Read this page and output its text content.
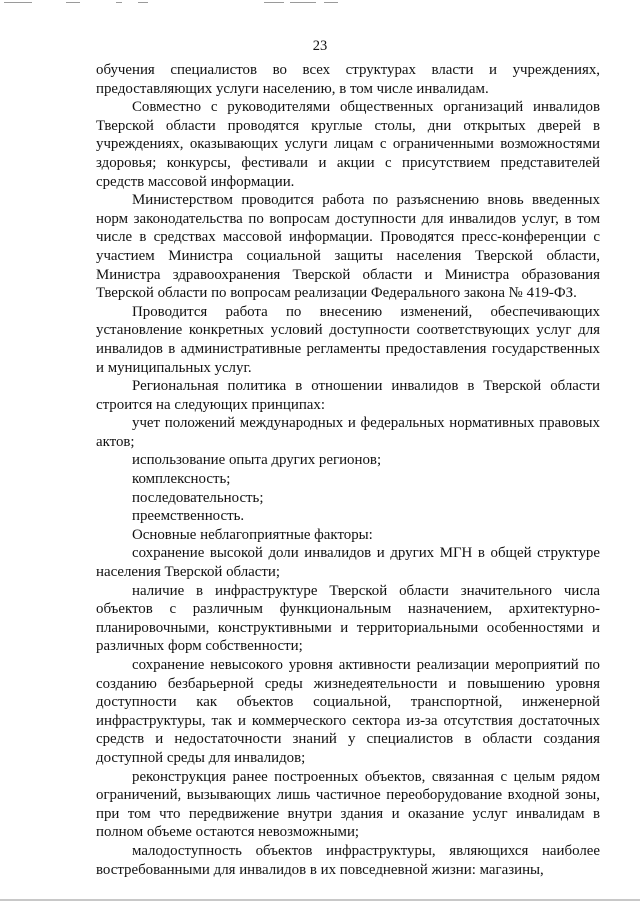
23

обучения специалистов во всех структурах власти и учреждениях, предоставляющих услуги населению, в том числе инвалидам.

Совместно с руководителями общественных организаций инвалидов Тверской области проводятся круглые столы, дни открытых дверей в учреждениях, оказывающих услуги лицам с ограниченными возможностями здоровья; конкурсы, фестивали и акции с присутствием представителей средств массовой информации.

Министерством проводится работа по разъяснению вновь введенных норм законодательства по вопросам доступности для инвалидов услуг, в том числе в средствах массовой информации. Проводятся пресс-конференции с участием Министра социальной защиты населения Тверской области, Министра здравоохранения Тверской области и Министра образования Тверской области по вопросам реализации Федерального закона № 419-ФЗ.

Проводится работа по внесению изменений, обеспечивающих установление конкретных условий доступности соответствующих услуг для инвалидов в административные регламенты предоставления государственных и муниципальных услуг.

Региональная политика в отношении инвалидов в Тверской области строится на следующих принципах:

учет положений международных и федеральных нормативных правовых актов;

использование опыта других регионов;

комплексность;

последовательность;

преемственность.

Основные неблагоприятные факторы:

сохранение высокой доли инвалидов и других МГН в общей структуре населения Тверской области;

наличие в инфраструктуре Тверской области значительного числа объектов с различным функциональным назначением, архитектурно-планировочными, конструктивными и территориальными особенностями и различных форм собственности;

сохранение невысокого уровня активности реализации мероприятий по созданию безбарьерной среды жизнедеятельности и повышению уровня доступности как объектов социальной, транспортной, инженерной инфраструктуры, так и коммерческого сектора из-за отсутствия достаточных средств и недостаточности знаний у специалистов в области создания доступной среды для инвалидов;

реконструкция ранее построенных объектов, связанная с целым рядом ограничений, вызывающих лишь частичное переоборудование входной зоны, при том что передвижение внутри здания и оказание услуг инвалидам в полном объеме остаются невозможными;

малодоступность объектов инфраструктуры, являющихся наиболее востребованными для инвалидов в их повседневной жизни: магазины,
